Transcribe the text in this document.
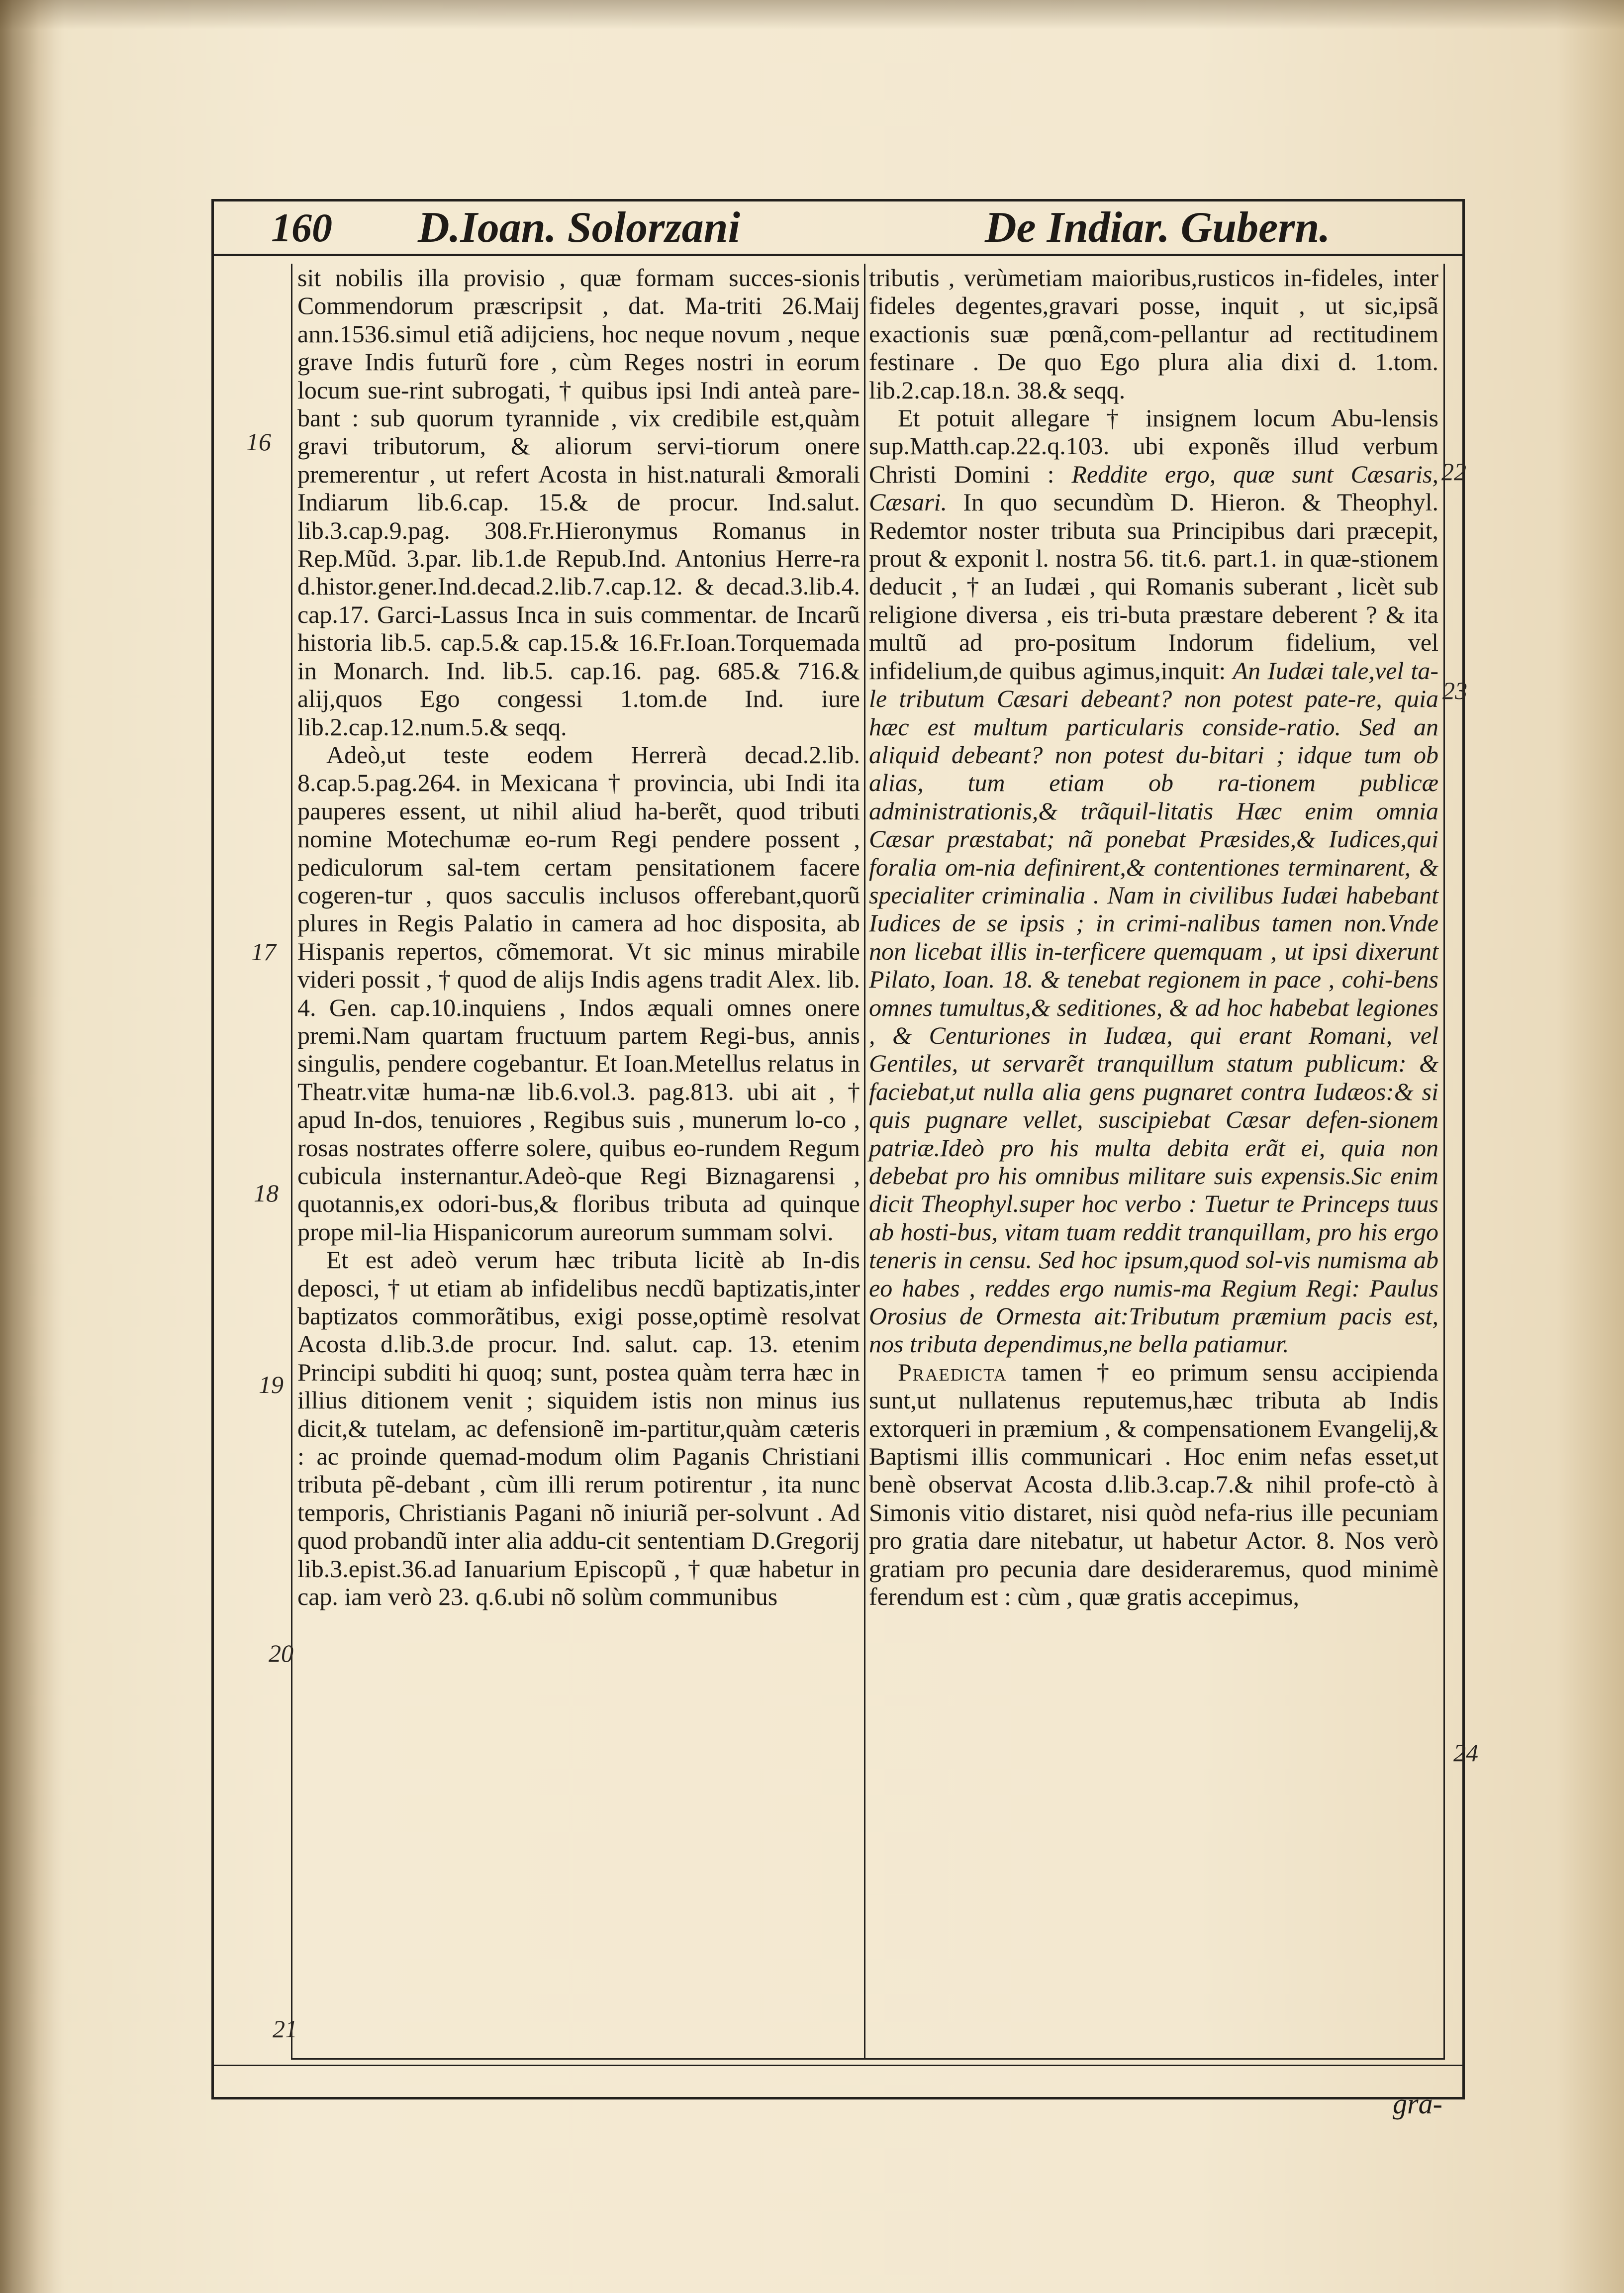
160 D.Ioan. Solorzani	De Indiar. Gubern.

sit nobilis illa provisio , quæ formam succes-sionis Commendorum præscripsit , dat. Ma-triti 26.Maij ann.1536.simul etiã adijciens, hoc neque novum , neque grave Indis futurũ fore , cùm Reges nostri in eorum locum sue-rint subrogati, † quibus ipsi Indi anteà pare-bant : sub quorum tyrannide , vix credibile est,quàm gravi tributorum, & aliorum servi-tiorum onere premerentur , ut refert Acosta in hist.naturali &morali Indiarum lib.6.cap. 15.& de procur. Ind.salut. lib.3.cap.9.pag. 308.Fr.Hieronymus Romanus in Rep.Mũd. 3.par. lib.1.de Repub.Ind. Antonius Herre-ra d.histor.gener.Ind.decad.2.lib.7.cap.12. & decad.3.lib.4. cap.17. Garci-Lassus Inca in suis commentar. de Incarũ historia lib.5. cap.5.& cap.15.& 16.Fr.Ioan.Torquemada in Monarch. Ind. lib.5. cap.16. pag. 685.& 716.& alij,quos Ego congessi 1.tom.de Ind. iure lib.2.cap.12.num.5.& seqq.

Adeò,ut teste eodem Herrerà decad.2.lib. 8.cap.5.pag.264. in Mexicana † provincia, ubi Indi ita pauperes essent, ut nihil aliud ha-berẽt, quod tributi nomine Motechumæ eo-rum Regi pendere possent , pediculorum sal-tem certam pensitationem facere cogeren-tur , quos sacculis inclusos offerebant,quorũ plures in Regis Palatio in camera ad hoc disposita, ab Hispanis repertos, cõmemorat. Vt sic minus mirabile videri possit , † quod de alijs Indis agens tradit Alex. lib. 4. Gen. cap.10.inquiens , Indos æquali omnes onere premi.Nam quartam fructuum partem Regi-bus, annis singulis, pendere cogebantur. Et Ioan.Metellus relatus in Theatr.vitæ huma-næ lib.6.vol.3. pag.813. ubi ait , † apud In-dos, tenuiores , Regibus suis , munerum lo-co , rosas nostrates offerre solere, quibus eo-rundem Regum cubicula insternantur.Adeò-que Regi Biznagarensi , quotannis,ex odori-bus,& floribus tributa ad quinque prope mil-lia Hispanicorum aureorum summam solvi.

Et est adeò verum hæc tributa licitè ab In-dis deposci, † ut etiam ab infidelibus necdũ baptizatis,inter baptizatos commorãtibus, exigi posse,optimè resolvat Acosta d.lib.3.de procur. Ind. salut. cap. 13. etenim Principi subditi hi quoq; sunt, postea quàm terra hæc in illius ditionem venit ; siquidem istis non minus ius dicit,& tutelam, ac defensionẽ im-partitur,quàm cæteris : ac proinde quemad-modum olim Paganis Christiani tributa pẽ-debant , cùm illi rerum potirentur , ita nunc temporis, Christianis Pagani nõ iniuriã per-solvunt . Ad quod probandũ inter alia addu-cit sententiam D.Gregorij lib.3.epist.36.ad Ianuarium Episcopũ , † quæ habetur in cap. iam verò 23. q.6.ubi nõ solùm communibus

tributis , verùmetiam maioribus,rusticos in-fideles, inter fideles degentes,gravari posse, inquit , ut sic,ipsã exactionis suæ pœnã,com-pellantur ad rectitudinem festinare . De quo Ego plura alia dixi d. 1.tom. lib.2.cap.18.n. 38.& seqq.

Et potuit allegare † insignem locum Abu-lensis sup.Matth.cap.22.q.103. ubi exponẽs illud verbum Christi Domini : Reddite ergo, quæ sunt Cæsaris, Cæsari. In quo secundùm D. Hieron. & Theophyl. Redemtor noster tributa sua Principibus dari præcepit, prout & exponit l. nostra 56. tit.6. part.1. in quæ-stionem deducit , † an Iudæi , qui Romanis suberant , licèt sub religione diversa , eis tri-buta præstare deberent ? & ita multũ ad pro-positum Indorum fidelium, vel infidelium,de quibus agimus,inquit: An Iudæi tale,vel ta-le tributum Cæsari debeant? non potest pate-re, quia hæc est multum particularis conside-ratio. Sed an aliquid debeant? non potest du-bitari ; idque tum ob alias, tum etiam ob ra-tionem publicæ administrationis,& trãquil-litatis Hæc enim omnia Cæsar præstabat; nã ponebat Præsides,& Iudices,qui foralia om-nia definirent,& contentiones terminarent, & specialiter criminalia . Nam in civilibus Iudæi habebant Iudices de se ipsis ; in crimi-nalibus tamen non.Vnde non licebat illis in-terficere quemquam , ut ipsi dixerunt Pilato, Ioan. 18. & tenebat regionem in pace , cohi-bens omnes tumultus,& seditiones, & ad hoc habebat legiones , & Centuriones in Iudæa, qui erant Romani, vel Gentiles, ut servarẽt tranquillum statum publicum: & faciebat,ut nulla alia gens pugnaret contra Iudæos:& si quis pugnare vellet, suscipiebat Cæsar defen-sionem patriæ.Ideò pro his multa debita erãt ei, quia non debebat pro his omnibus militare suis expensis.Sic enim dicit Theophyl.super hoc verbo : Tuetur te Princeps tuus ab hosti-bus, vitam tuam reddit tranquillam, pro his ergo teneris in censu. Sed hoc ipsum,quod sol-vis numisma ab eo habes , reddes ergo numis-ma Regium Regi: Paulus Orosius de Ormesta ait:Tributum præmium pacis est, nos tributa dependimus,ne bella patiamur.

Praedicta tamen † eo primum sensu accipienda sunt,ut nullatenus reputemus,hæc tributa ab Indis extorqueri in præmium , & compensationem Evangelij,& Baptismi illis communicari . Hoc enim nefas esset,ut benè observat Acosta d.lib.3.cap.7.& nihil profe-ctò à Simonis vitio distaret, nisi quòd nefa-rius ille pecuniam pro gratia dare nitebatur, ut habetur Actor. 8. Nos verò gratiam pro pecunia dare desideraremus, quod minimè ferendum est : cùm , quæ gratis accepimus,

16
17
18
19
20
21
22
23
24
gra-
